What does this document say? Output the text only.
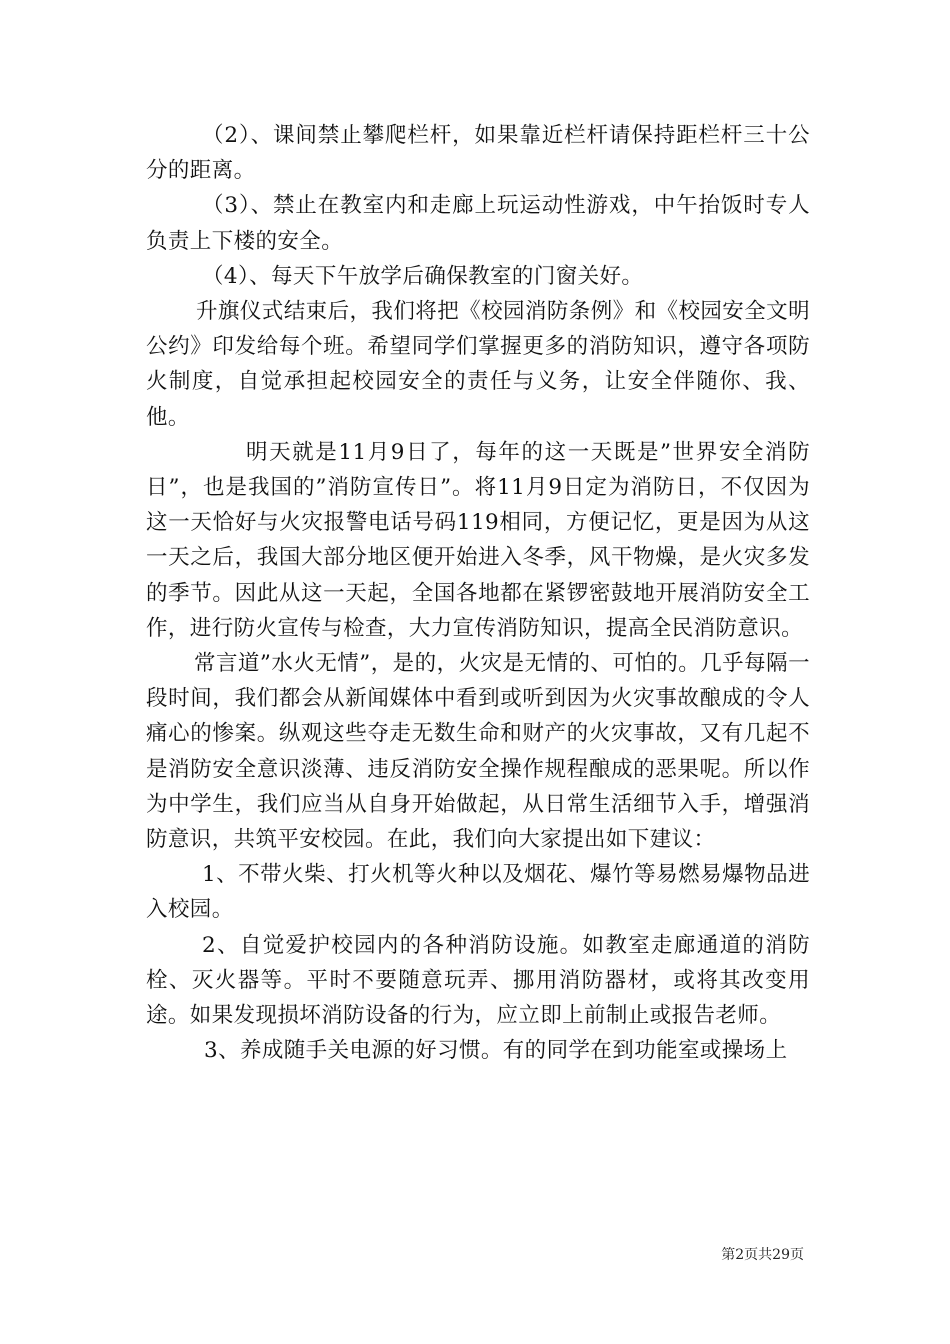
（2）、课间禁止攀爬栏杆，如果靠近栏杆请保持距栏杆三十公分的距离。

（3）、禁止在教室内和走廊上玩运动性游戏，中午抬饭时专人负责上下楼的安全。

（4）、每天下午放学后确保教室的门窗关好。

升旗仪式结束后，我们将把《校园消防条例》和《校园安全文明公约》印发给每个班。希望同学们掌握更多的消防知识，遵守各项防火制度，自觉承担起校园安全的责任与义务，让安全伴随你、我、他。

明天就是11月9日了，每年的这一天既是”世界安全消防日”，也是我国的”消防宣传日”。将11月9日定为消防日，不仅因为这一天恰好与火灾报警电话号码119相同，方便记忆，更是因为从这一天之后，我国大部分地区便开始进入冬季，风干物燥，是火灾多发的季节。因此从这一天起，全国各地都在紧锣密鼓地开展消防安全工作，进行防火宣传与检查，大力宣传消防知识，提高全民消防意识。

常言道”水火无情”，是的，火灾是无情的、可怕的。几乎每隔一段时间，我们都会从新闻媒体中看到或听到因为火灾事故酿成的令人痛心的惨案。纵观这些夺走无数生命和财产的火灾事故，又有几起不是消防安全意识淡薄、违反消防安全操作规程酿成的恶果呢。所以作为中学生，我们应当从自身开始做起，从日常生活细节入手，增强消防意识，共筑平安校园。在此，我们向大家提出如下建议：

1、不带火柴、打火机等火种以及烟花、爆竹等易燃易爆物品进入校园。

2、自觉爱护校园内的各种消防设施。如教室走廊通道的消防栓、灭火器等。平时不要随意玩弄、挪用消防器材，或将其改变用途。如果发现损坏消防设备的行为，应立即上前制止或报告老师。

3、养成随手关电源的好习惯。有的同学在到功能室或操场上

第2页共29页
